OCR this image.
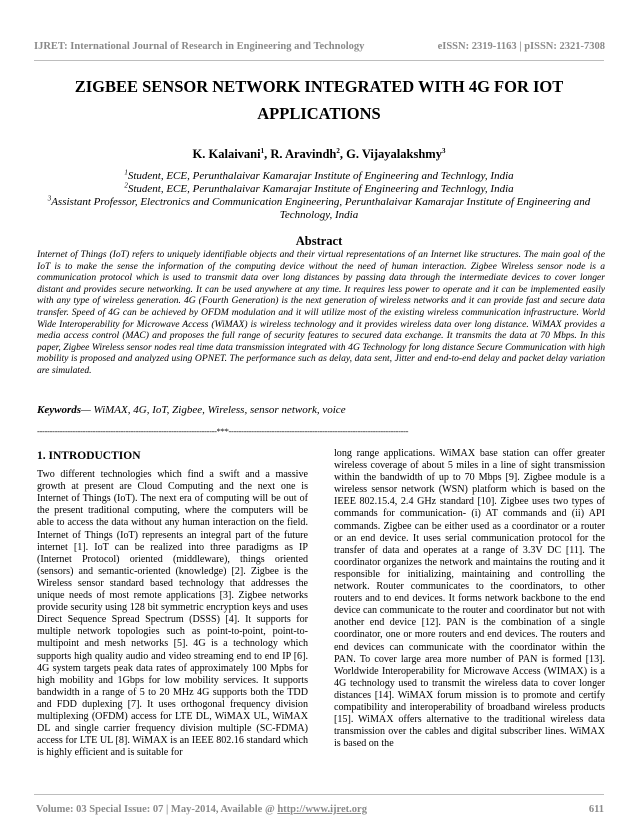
IJRET: International Journal of Research in Engineering and Technology	eISSN: 2319-1163 | pISSN: 2321-7308
ZIGBEE SENSOR NETWORK INTEGRATED WITH 4G FOR IOT APPLICATIONS
K. Kalaivani$^1$, R. Aravindh$^2$, G. Vijayalakshmy$^3$
$^1$Student, ECE, Perunthalaivar Kamarajar Institute of Engineering and Technlogy, India
$^2$Student, ECE, Perunthalaivar Kamarajar Institute of Engineering and Technlogy, India
$^3$Assistant Professor, Electronics and Communication Engineering, Perunthalaivar Kamarajar Institute of Engineering and Technology, India
Abstract
Internet of Things (IoT) refers to uniquely identifiable objects and their virtual representations of an Internet like structures. The main goal of the IoT is to make the sense the information of the computing device without the need of human interaction. Zigbee Wireless sensor node is a communication protocol which is used to transmit data over long distances by passing data through the intermediate devices to cover longer distant and provides secure networking. It can be used anywhere at any time. It requires less power to operate and it can be implemented easily with any type of wireless generation. 4G (Fourth Generation) is the next generation of wireless networks and it can provide fast and secure data transfer. Speed of 4G can be achieved by OFDM modulation and it will utilize most of the existing wireless communication infrastructure. World Wide Interoperability for Microwave Access (WiMAX) is wireless technology and it provides wireless data over long distance. WiMAX provides a media access control (MAC) and proposes the full range of security features to secured data exchange. It transmits the data at 70 Mbps. In this paper, Zigbee Wireless sensor nodes real time data transmission integrated with 4G Technology for long distance Secure Communication with high mobility is proposed and analyzed using OPNET. The performance such as delay, data sent, Jitter and end-to-end delay and packet delay variation are simulated.
Keywords— WiMAX, 4G, IoT, Zigbee, Wireless, sensor network, voice
-----------------------------------------------------------------------***-----------------------------------------------------------------------
1. INTRODUCTION

Two different technologies which find a swift and a massive growth at present are Cloud Computing and the next one is Internet of Things (IoT). The next era of computing will be out of the present traditional computing, where the computers will be able to access the data without any human interaction on the field. Internet of Things (IoT) represents an integral part of the future internet [1]. IoT can be realized into three paradigms as IP (Internet Protocol) oriented (middleware), things oriented (sensors) and semantic-oriented (knowledge) [2]. Zigbee is the Wireless sensor standard based technology that addresses the unique needs of most remote applications [3]. Zigbee networks provide security using 128 bit symmetric encryption keys and uses Direct Sequence Spread Spectrum (DSSS) [4]. It supports for multiple network topologies such as point-to-point, point-to-multipoint and mesh networks [5]. 4G is a technology which supports high quality audio and video streaming end to end IP [6]. 4G system targets peak data rates of approximately 100 Mpbs for high mobility and 1Gbps for low mobility services. It supports bandwidth in a range of 5 to 20 MHz 4G supports both the TDD and FDD duplexing [7]. It uses orthogonal frequency division multiplexing (OFDM) access for LTE DL, WiMAX UL, WiMAX DL and single carrier frequency division multiple (SC-FDMA) access for LTE UL [8]. WiMAX is an IEEE 802.16 standard which is highly efficient and is suitable for

long range applications. WiMAX base station can offer greater wireless coverage of about 5 miles in a line of sight transmission within the bandwidth of up to 70 Mbps [9]. Zigbee module is a wireless sensor network (WSN) platform which is based on the IEEE 802.15.4, 2.4 GHz standard [10]. Zigbee uses two types of commands for communication- (i) AT commands and (ii) API commands. Zigbee can be either used as a coordinator or a router or an end device. It uses serial communication protocol for the transfer of data and operates at a range of 3.3V DC [11]. The coordinator organizes the network and maintains the routing and it responsible for initializing, maintaining and controlling the network. Router communicates to the coordinators, to other routers and to end devices. It forms network backbone to the end device can communicate to the router and coordinator but not with another end device [12]. PAN is the combination of a single coordinator, one or more routers and end devices. The routers and end devices can communicate with the coordinator within the PAN. To cover large area more number of PAN is formed [13]. Worldwide Interoperability for Microwave Access (WIMAX) is a 4G technology used to transmit the wireless data to cover longer distances [14]. WiMAX forum mission is to promote and certify compatibility and interoperability of broadband wireless products [15]. WiMAX offers alternative to the traditional wireless data transmission over the cables and digital subscriber lines. WiMAX is based on the

Volume: 03 Special Issue: 07 | May-2014, Available @ http://www.ijret.org	611
